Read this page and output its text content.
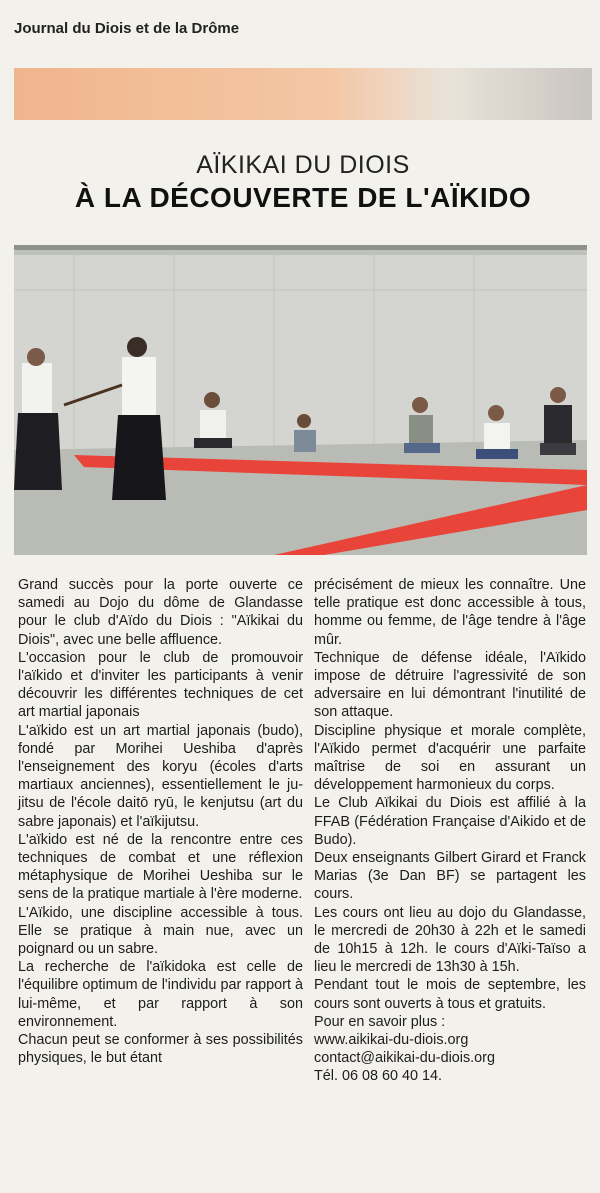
Journal du Diois et de la Drôme
AÏKIKAI DU DIOIS
À LA DÉCOUVERTE DE L'AÏKIDO

Grand succès pour la porte ouverte ce samedi au Dojo du dôme de Glandasse pour le club d'Aïdo du Diois : "Aïkikai du Diois", avec une belle affluence.

L'occasion pour le club de promouvoir l'aïkido et d'inviter les participants à venir découvrir les différentes techniques de cet art martial japonais

L'aïkido est un art martial japonais (budo), fondé par Morihei Ueshiba d'après l'enseignement des koryu (écoles d'arts martiaux anciennes), essentiellement le ju-jitsu de l'école daitō ryū, le kenjutsu (art du sabre japonais) et l'aïkijutsu.

L'aïkido est né de la rencontre entre ces techniques de combat et une réflexion métaphysique de Morihei Ueshiba sur le sens de la pratique martiale à l'ère moderne.

L'Aïkido, une discipline accessible à tous. Elle se pratique à main nue, avec un poignard ou un sabre.

La recherche de l'aïkidoka est celle de l'équilibre optimum de l'individu par rapport à lui-même, et par rapport à son environnement.

Chacun peut se conformer à ses possibilités physiques, le but étant

précisément de mieux les connaître. Une telle pratique est donc accessible à tous, homme ou femme, de l'âge tendre à l'âge mûr.

Technique de défense idéale, l'Aïkido impose de détruire l'agressivité de son adversaire en lui démontrant l'inutilité de son attaque.

Discipline physique et morale complète, l'Aïkido permet d'acquérir une parfaite maîtrise de soi en assurant un développement harmonieux du corps.

Le Club Aïkikai du Diois est affilié à la FFAB (Fédération Française d'Aikido et de Budo).

Deux enseignants Gilbert Girard et Franck Marias (3e Dan BF) se partagent les cours.

Les cours ont lieu au dojo du Glandasse, le mercredi de 20h30 à 22h et le samedi de 10h15 à 12h. le cours d'Aïki-Taïso a lieu le mercredi de 13h30 à 15h.

Pendant tout le mois de septembre, les cours sont ouverts à tous et gratuits.

Pour en savoir plus :

www.aikikai-du-diois.org

contact@aikikai-du-diois.org

Tél. 06 08 60 40 14.
